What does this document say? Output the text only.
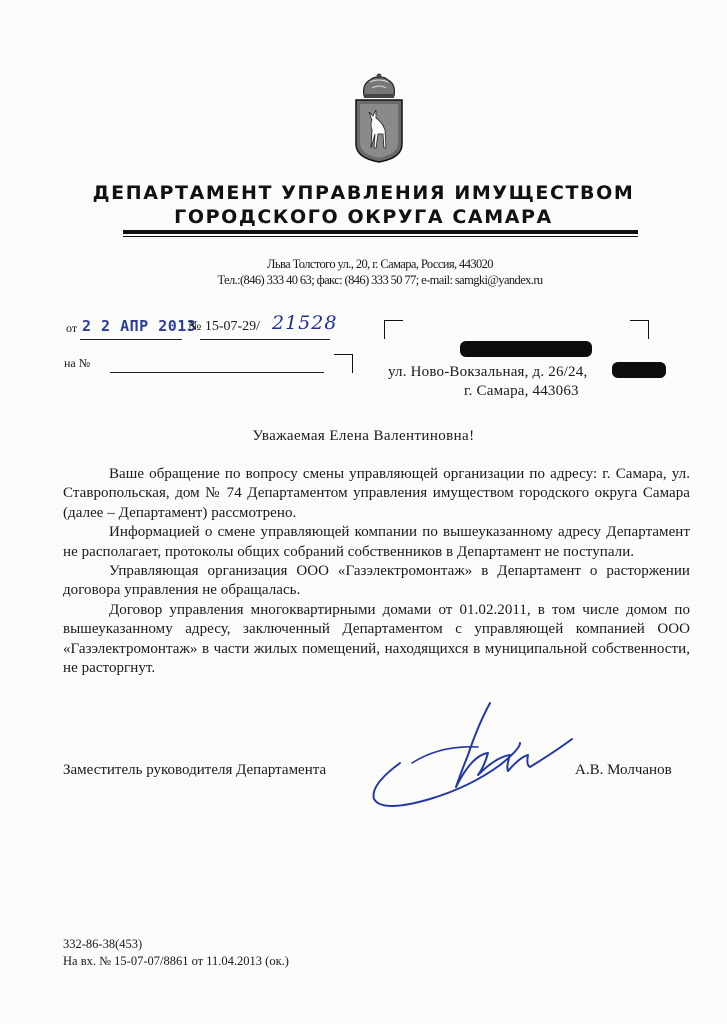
ДЕПАРТАМЕНТ УПРАВЛЕНИЯ ИМУЩЕСТВОМ
ГОРОДСКОГО ОКРУГА САМАРА
Льва Толстого ул., 20, г. Самара, Россия, 443020
Тел.:(846) 333 40 63; факс: (846) 333 50 77; e-mail: samgki@yandex.ru
от 2 2 АПР 2013
№ 15-07-29/ 21528
на №
ул. Ново-Вокзальная, д. 26/24,
г. Самара, 443063
Уважаемая Елена Валентиновна!

Ваше обращение по вопросу смены управляющей организации по адресу: г. Самара, ул. Ставропольская, дом № 74 Департаментом управления имуществом городского округа Самара (далее – Департамент) рассмотрено.

Информацией о смене управляющей компании по вышеуказанному адресу Департамент не располагает, протоколы общих собраний собственников в Департамент не поступали.

Управляющая организация ООО «Газэлектромонтаж» в Департамент о расторжении договора управления не обращалась.

Договор управления многоквартирными домами от 01.02.2011, в том числе домом по вышеуказанному адресу, заключенный Департаментом с управляющей компанией ООО «Газэлектромонтаж» в части жилых помещений, находящихся в муниципальной собственности, не расторгнут.

Заместитель руководителя Департамента	А.В. Молчанов
332-86-38(453)
На вх. № 15-07-07/8861 от 11.04.2013 (ок.)
